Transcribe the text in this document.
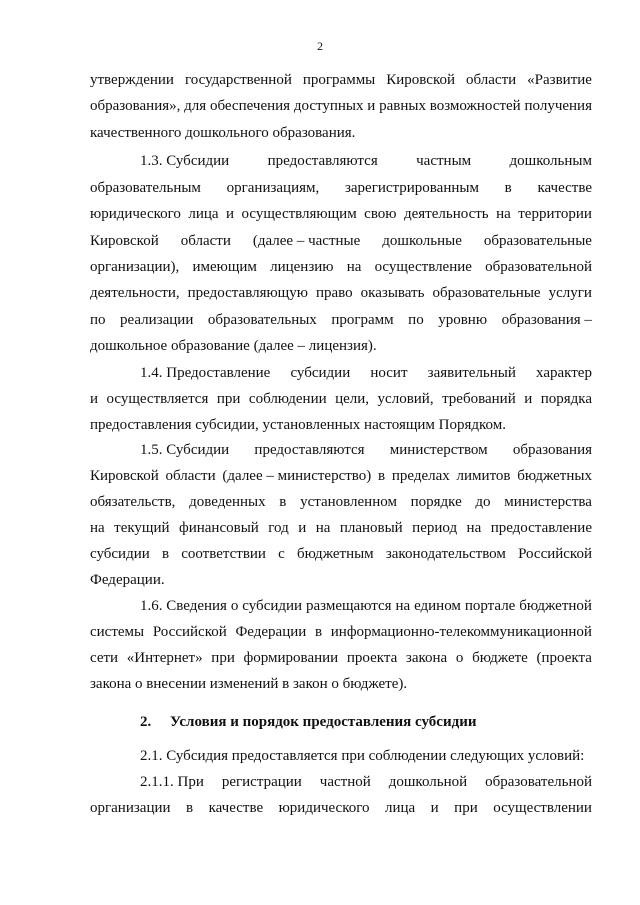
2
утверждении государственной программы Кировской области «Развитие
образования», для обеспечения доступных и равных возможностей получения
качественного дошкольного образования.
1.3. Субсидии	предоставляются	частным	дошкольным
образовательным организациям, зарегистрированным в качестве
юридического лица и осуществляющим свою деятельность на территории
Кировской области (далее – частные дошкольные образовательные
организации), имеющим лицензию на осуществление образовательной
деятельности, предоставляющую право оказывать образовательные услуги
по реализации образовательных программ по уровню образования –
дошкольное образование (далее – лицензия).
1.4. Предоставление субсидии носит заявительный характер
и осуществляется при соблюдении цели, условий, требований и порядка
предоставления субсидии, установленных настоящим Порядком.
1.5. Субсидии предоставляются министерством образования
Кировской области (далее – министерство) в пределах лимитов бюджетных
обязательств, доведенных в установленном порядке до министерства
на текущий финансовый год и на плановый период на предоставление
субсидии в соответствии с бюджетным законодательством Российской
Федерации.
1.6. Сведения о субсидии размещаются на едином портале бюджетной
системы Российской Федерации в информационно-телекоммуникационной
сети «Интернет» при формировании проекта закона о бюджете (проекта
закона о внесении изменений в закон о бюджете).
2. Условия и порядок предоставления субсидии
2.1. Субсидия предоставляется при соблюдении следующих условий:
2.1.1. При регистрации частной дошкольной образовательной
организации в качестве юридического лица и при осуществлении
